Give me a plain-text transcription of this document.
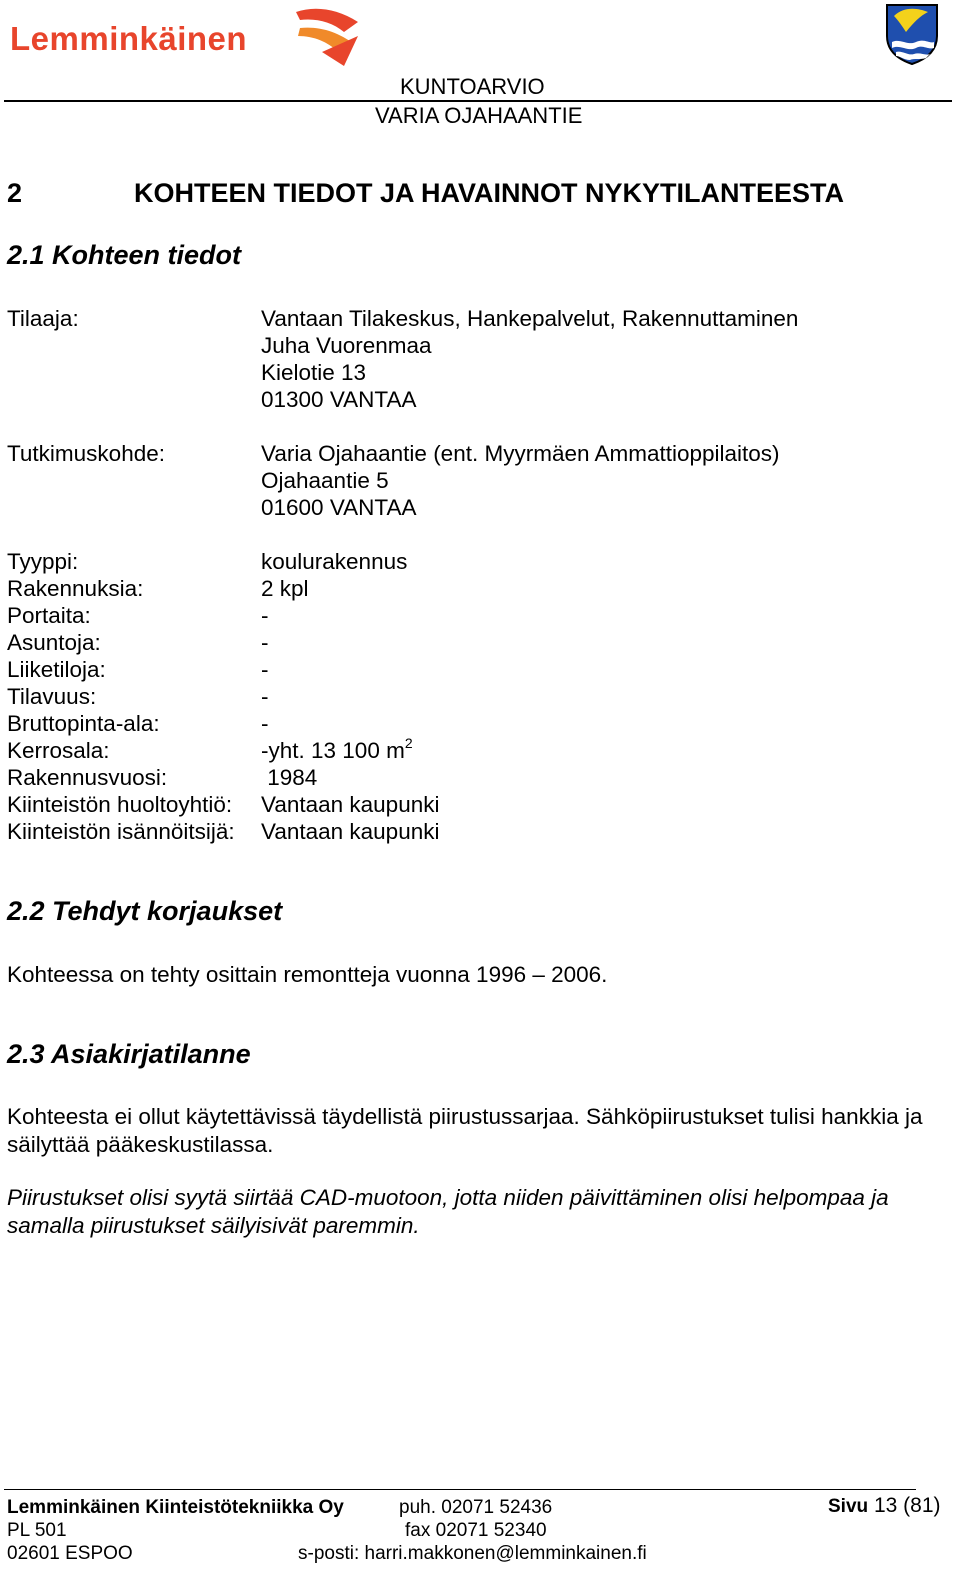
Lemminkäinen
KUNTOARVIO
VARIA OJAHAANTIE
2	KOHTEEN TIEDOT JA HAVAINNOT NYKYTILANTEESTA
2.1 Kohteen tiedot
Tilaaja:	Vantaan Tilakeskus, Hankepalvelut, Rakennuttaminen
Juha Vuorenmaa
Kielotie 13
01300 VANTAA
Tutkimuskohde:	Varia Ojahaantie (ent. Myyrmäen Ammattioppilaitos)
Ojahaantie 5
01600 VANTAA
Tyyppi:	koulurakennus
Rakennuksia:	2 kpl
Portaita:	-
Asuntoja:	-
Liiketiloja:	-
Tilavuus:	-
Bruttopinta-ala:	-
Kerrosala:	-yht. 13 100 $m^2$
Rakennusvuosi:	1984
Kiinteistön huoltoyhtiö: Vantaan kaupunki
Kiinteistön isännöitsijä: Vantaan kaupunki
2.2 Tehdyt korjaukset
Kohteessa on tehty osittain remontteja vuonna 1996 – 2006.
2.3 Asiakirjatilanne
Kohteesta ei ollut käytettävissä täydellistä piirustussarjaa. Sähköpiirustukset tulisi hankkia ja säilyttää pääkeskustilassa.
Piirustukset olisi syytä siirtää CAD-muotoon, jotta niiden päivittäminen olisi helpompaa ja samalla piirustukset säilyisivät paremmin.
Lemminkäinen Kiinteistötekniikka Oy
PL 501
02601 ESPOO
puh. 02071 52436
fax 02071 52340
s-posti: harri.makkonen@lemminkainen.fi
Sivu 13 (81)
